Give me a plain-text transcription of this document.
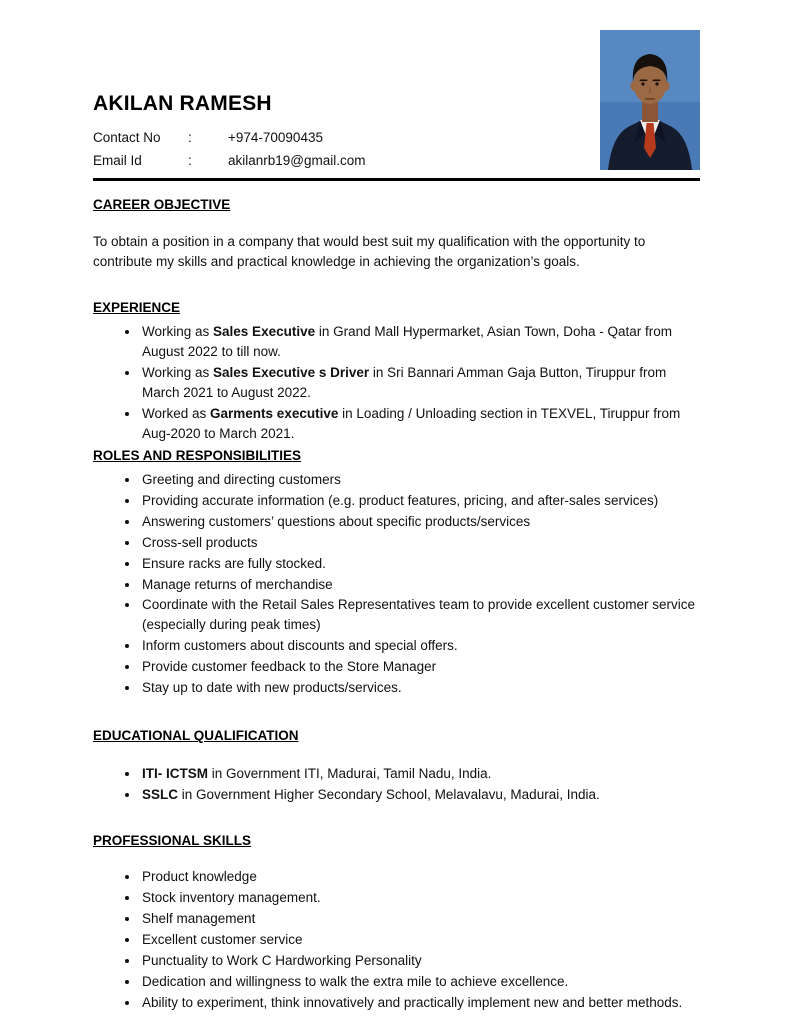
AKILAN RAMESH
Contact No	:	+974-70090435
Email Id	:	akilanrb19@gmail.com
CAREER OBJECTIVE

To obtain a position in a company that would best suit my qualification with the opportunity to contribute my skills and practical knowledge in achieving the organization’s goals.

EXPERIENCE
• Working as Sales Executive in Grand Mall Hypermarket, Asian Town, Doha - Qatar from August 2022 to till now.
• Working as Sales Executive s Driver in Sri Bannari Amman Gaja Button, Tiruppur from March 2021 to August 2022.
• Worked as Garments executive in Loading / Unloading section in TEXVEL, Tiruppur from Aug-2020 to March 2021.
ROLES AND RESPONSIBILITIES
• Greeting and directing customers
• Providing accurate information (e.g. product features, pricing, and after-sales services)
• Answering customers’ questions about specific products/services
• Cross-sell products
• Ensure racks are fully stocked.
• Manage returns of merchandise
• Coordinate with the Retail Sales Representatives team to provide excellent customer service (especially during peak times)
• Inform customers about discounts and special offers.
• Provide customer feedback to the Store Manager
• Stay up to date with new products/services.
EDUCATIONAL QUALIFICATION
• ITI- ICTSM in Government ITI, Madurai, Tamil Nadu, India.
• SSLC in Government Higher Secondary School, Melavalavu, Madurai, India.
PROFESSIONAL SKILLS
• Product knowledge
• Stock inventory management.
• Shelf management
• Excellent customer service
• Punctuality to Work C Hardworking Personality
• Dedication and willingness to walk the extra mile to achieve excellence.
• Ability to experiment, think innovatively and practically implement new and better methods.
